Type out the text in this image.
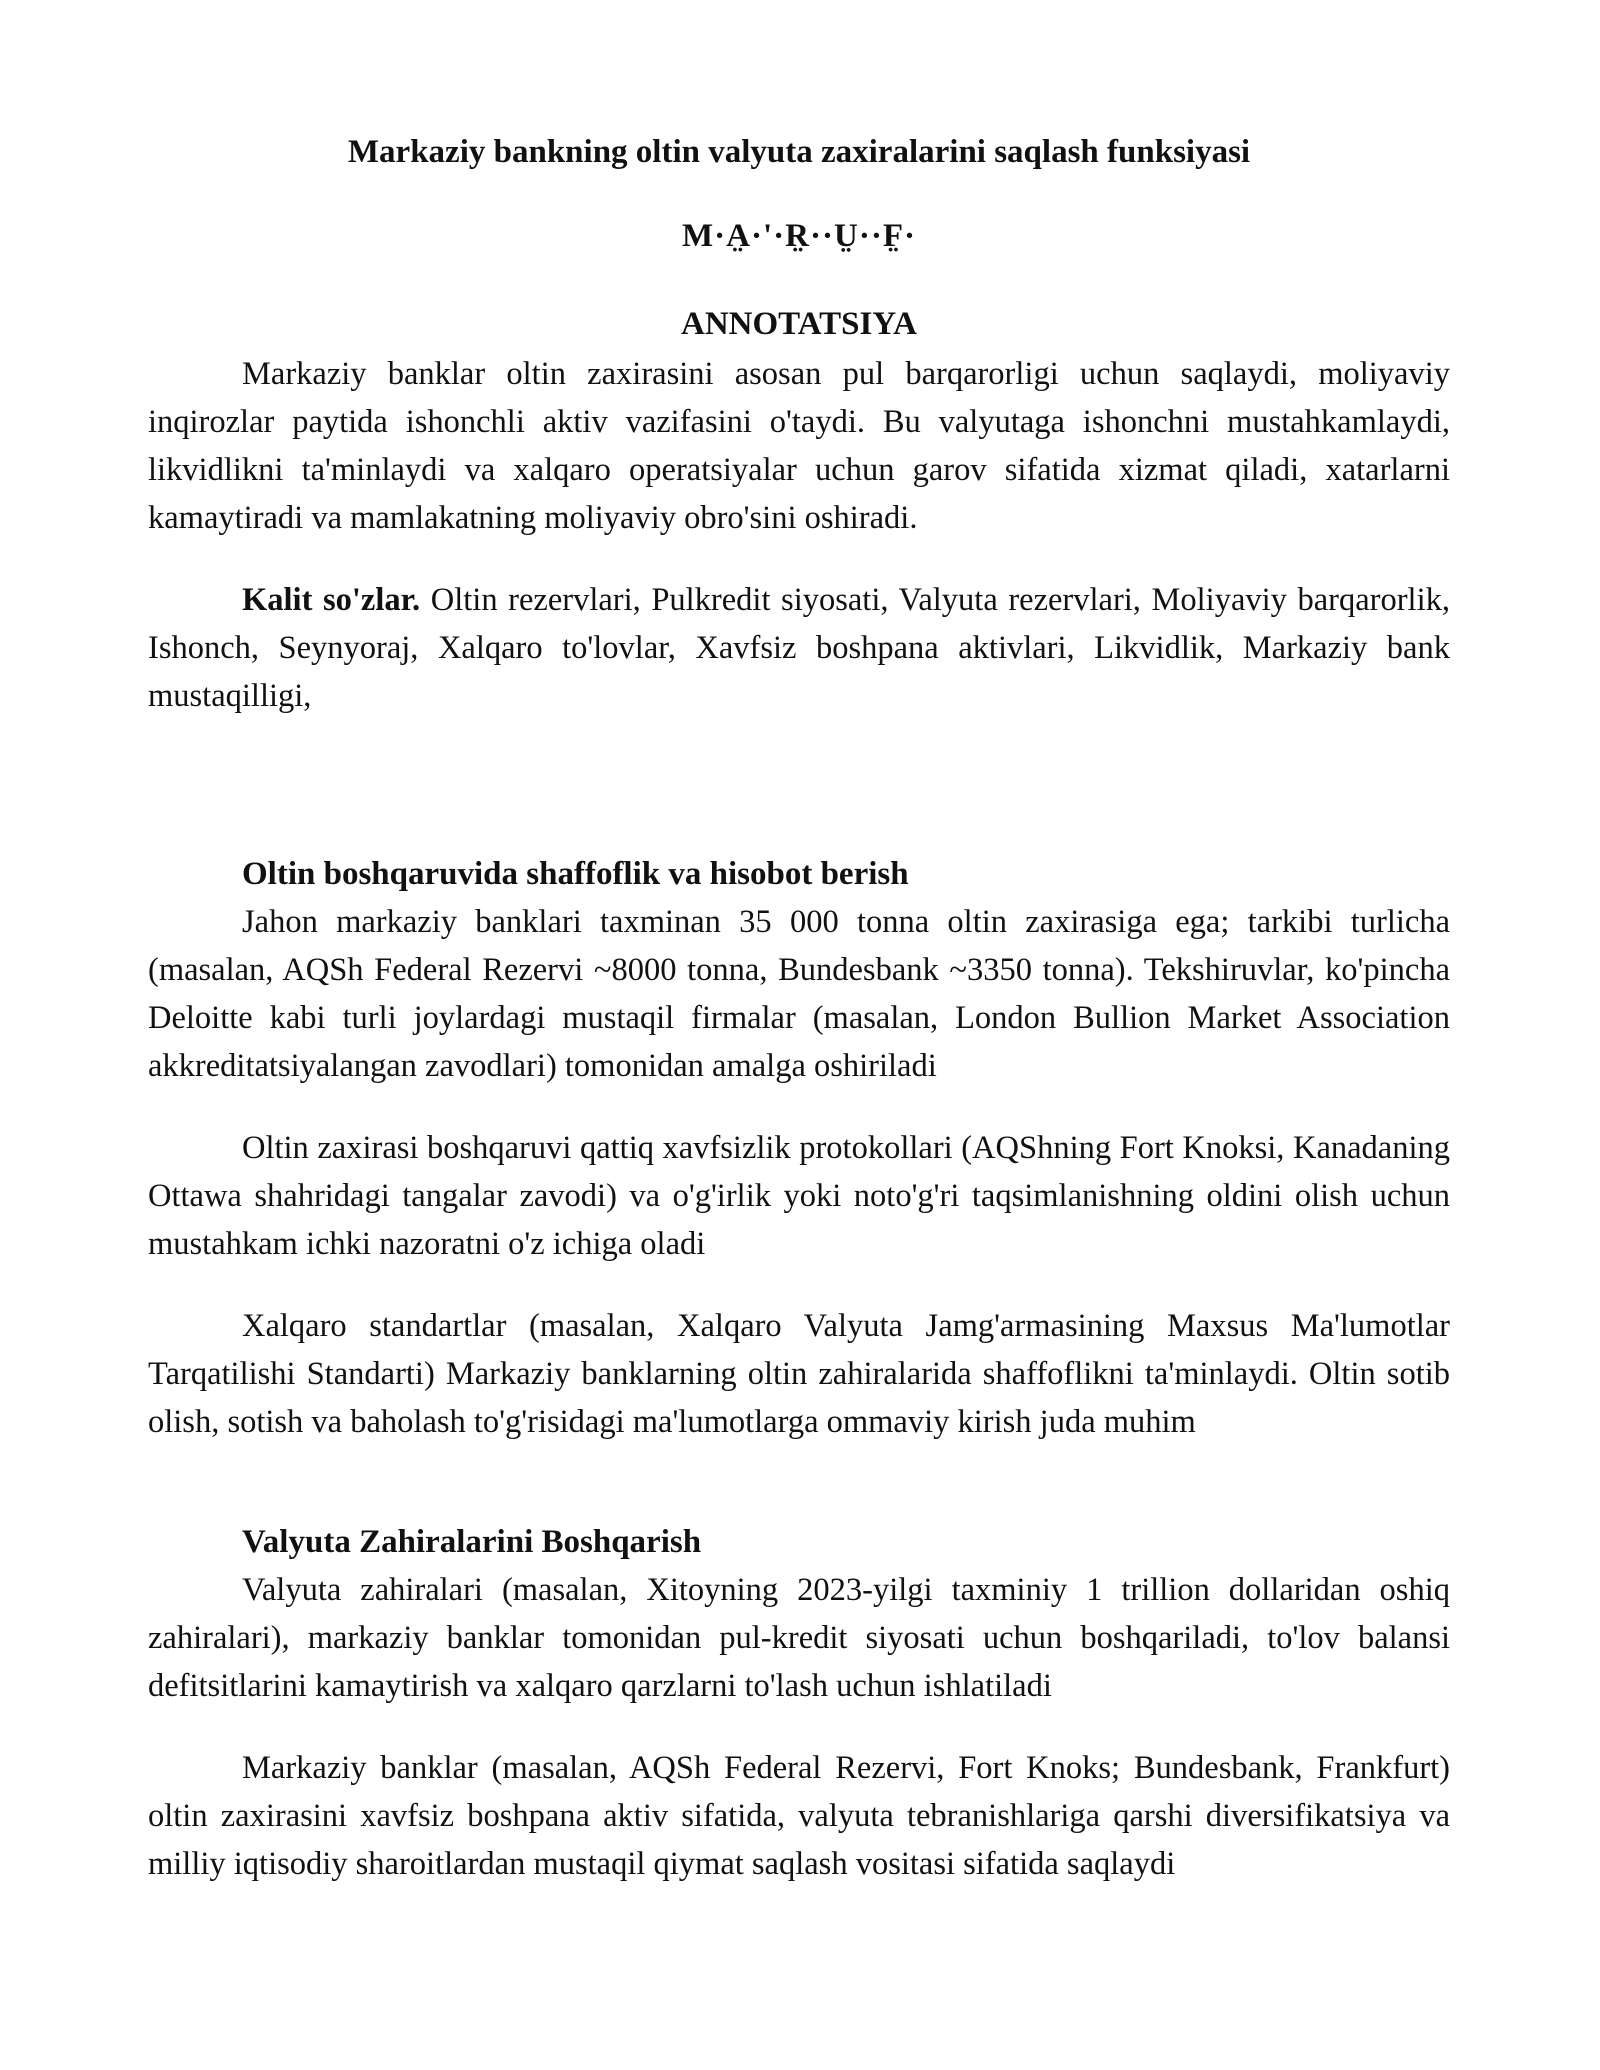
Markaziy bankning oltin valyuta zaxiralarini saqlash funksiyasi
M·A̤·'·R̤··Ṳ··F̤·
ANNOTATSIYA

Markaziy banklar oltin zaxirasini asosan pul barqarorligi uchun saqlaydi, moliyaviy inqirozlar paytida ishonchli aktiv vazifasini o'taydi. Bu valyutaga ishonchni mustahkamlaydi, likvidlikni ta'minlaydi va xalqaro operatsiyalar uchun garov sifatida xizmat qiladi, xatarlarni kamaytiradi va mamlakatning moliyaviy obro'sini oshiradi.

Kalit so'zlar. Oltin rezervlari, Pulkredit siyosati, Valyuta rezervlari, Moliyaviy barqarorlik, Ishonch, Seynyoraj, Xalqaro to'lovlar, Xavfsiz boshpana aktivlari, Likvidlik, Markaziy bank mustaqilligi,

Oltin boshqaruvida shaffoflik va hisobot berish

Jahon markaziy banklari taxminan 35 000 tonna oltin zaxirasiga ega; tarkibi turlicha (masalan, AQSh Federal Rezervi ~8000 tonna, Bundesbank ~3350 tonna). Tekshiruvlar, ko'pincha Deloitte kabi turli joylardagi mustaqil firmalar (masalan, London Bullion Market Association akkreditatsiyalangan zavodlari) tomonidan amalga oshiriladi

Oltin zaxirasi boshqaruvi qattiq xavfsizlik protokollari (AQShning Fort Knoksi, Kanadaning Ottawa shahridagi tangalar zavodi) va o'g'irlik yoki noto'g'ri taqsimlanishning oldini olish uchun mustahkam ichki nazoratni o'z ichiga oladi

Xalqaro standartlar (masalan, Xalqaro Valyuta Jamg'armasining Maxsus Ma'lumotlar Tarqatilishi Standarti) Markaziy banklarning oltin zahiralarida shaffoflikni ta'minlaydi. Oltin sotib olish, sotish va baholash to'g'risidagi ma'lumotlarga ommaviy kirish juda muhim

Valyuta Zahiralarini Boshqarish

Valyuta zahiralari (masalan, Xitoyning 2023-yilgi taxminiy 1 trillion dollaridan oshiq zahiralari), markaziy banklar tomonidan pul-kredit siyosati uchun boshqariladi, to'lov balansi defitsitlarini kamaytirish va xalqaro qarzlarni to'lash uchun ishlatiladi

Markaziy banklar (masalan, AQSh Federal Rezervi, Fort Knoks; Bundesbank, Frankfurt) oltin zaxirasini xavfsiz boshpana aktiv sifatida, valyuta tebranishlariga qarshi diversifikatsiya va milliy iqtisodiy sharoitlardan mustaqil qiymat saqlash vositasi sifatida saqlaydi
